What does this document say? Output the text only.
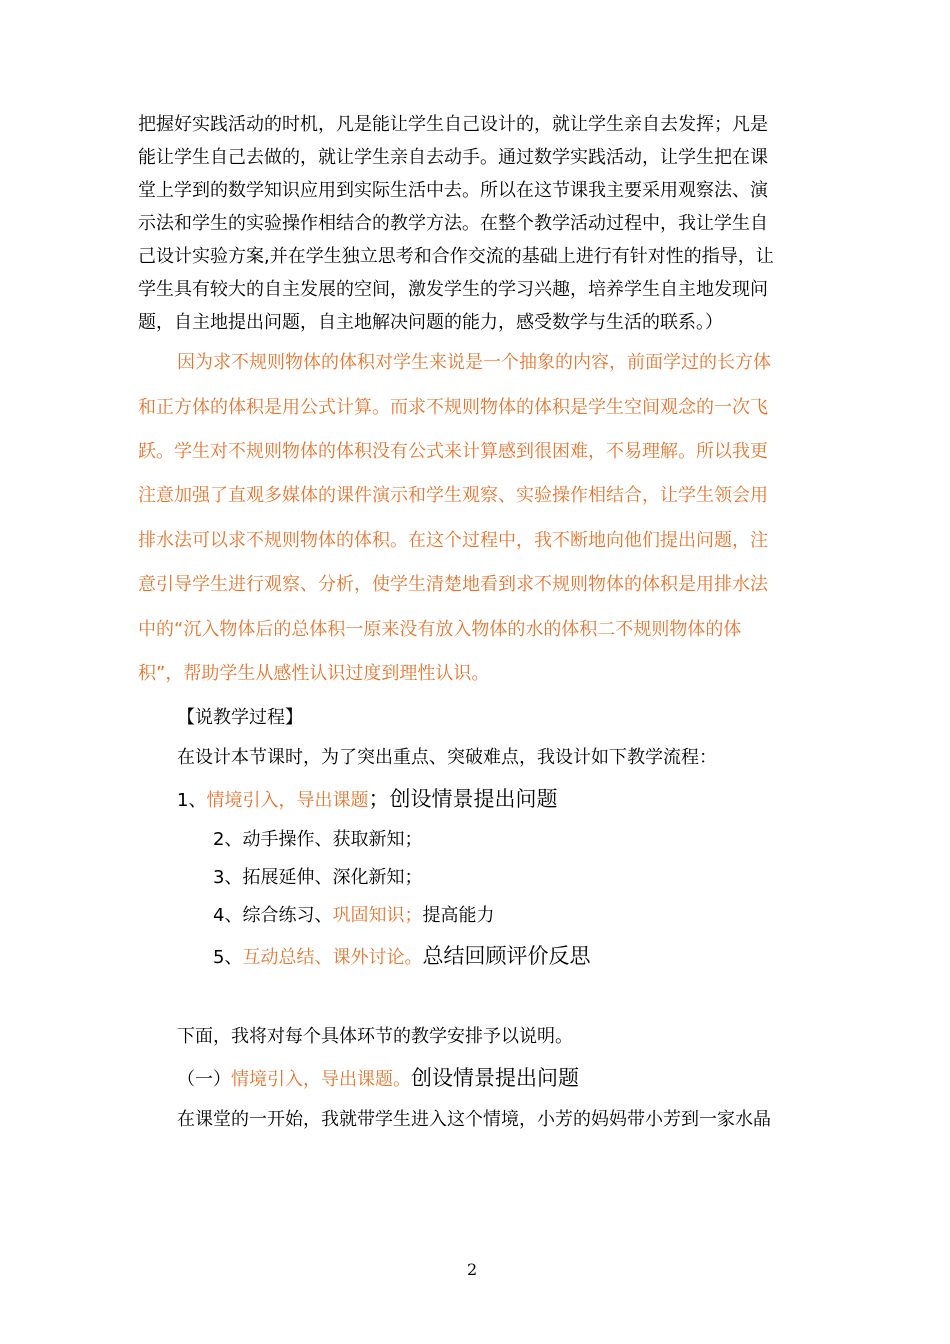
把握好实践活动的时机，凡是能让学生自己设计的，就让学生亲自去发挥；凡是
能让学生自己去做的，就让学生亲自去动手。通过数学实践活动，让学生把在课
堂上学到的数学知识应用到实际生活中去。所以在这节课我主要采用观察法、演
示法和学生的实验操作相结合的教学方法。在整个教学活动过程中，我让学生自
己设计实验方案,并在学生独立思考和合作交流的基础上进行有针对性的指导，让
学生具有较大的自主发展的空间，激发学生的学习兴趣，培养学生自主地发现问
题，自主地提出问题，自主地解决问题的能力，感受数学与生活的联系。）
因为求不规则物体的体积对学生来说是一个抽象的内容，前面学过的长方体
和正方体的体积是用公式计算。而求不规则物体的体积是学生空间观念的一次飞
跃。学生对不规则物体的体积没有公式来计算感到很困难，不易理解。所以我更
注意加强了直观多媒体的课件演示和学生观察、实验操作相结合，让学生领会用
排水法可以求不规则物体的体积。在这个过程中，我不断地向他们提出问题，注
意引导学生进行观察、分析，使学生清楚地看到求不规则物体的体积是用排水法
中的“沉入物体后的总体积一原来没有放入物体的水的体积二不规则物体的体
积”，帮助学生从感性认识过度到理性认识。
【说教学过程】
在设计本节课时，为了突出重点、突破难点，我设计如下教学流程：
1、情境引入，导出课题；创设情景提出问题
2、动手操作、获取新知；
3、拓展延伸、深化新知；
4、综合练习、巩固知识；提高能力
5、互动总结、课外讨论。总结回顾评价反思
下面，我将对每个具体环节的教学安排予以说明。
（一）情境引入，导出课题。创设情景提出问题
在课堂的一开始，我就带学生进入这个情境，小芳的妈妈带小芳到一家水晶
2
